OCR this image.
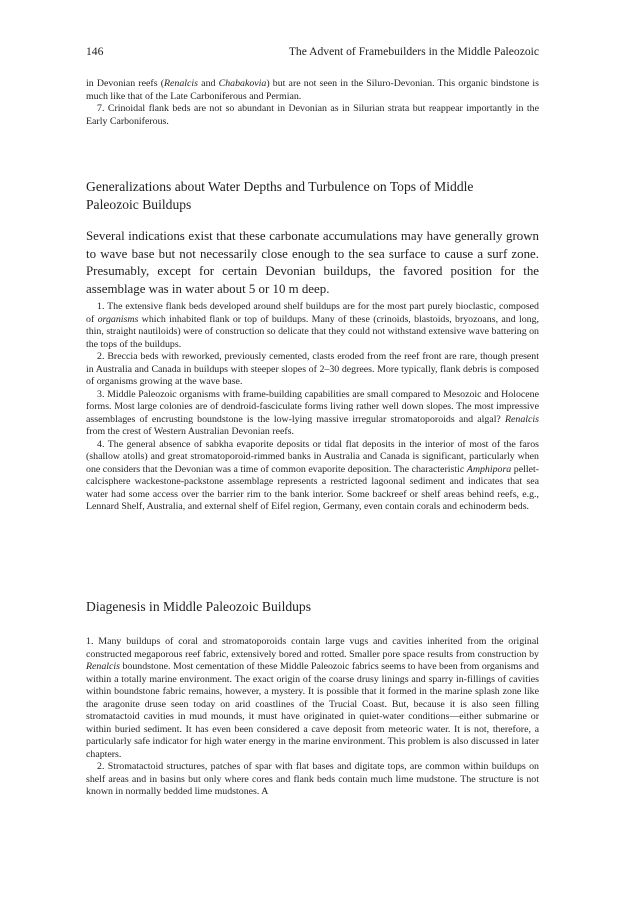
146	The Advent of Framebuilders in the Middle Paleozoic

in Devonian reefs (Renalcis and Chabakovia) but are not seen in the Siluro-Devonian. This organic bindstone is much like that of the Late Carboniferous and Permian.

7. Crinoidal flank beds are not so abundant in Devonian as in Silurian strata but reappear importantly in the Early Carboniferous.

Generalizations about Water Depths and Turbulence on Tops of Middle Paleozoic Buildups

Several indications exist that these carbonate accumulations may have generally grown to wave base but not necessarily close enough to the sea surface to cause a surf zone. Presumably, except for certain Devonian buildups, the favored position for the assemblage was in water about 5 or 10 m deep.

1. The extensive flank beds developed around shelf buildups are for the most part purely bioclastic, composed of organisms which inhabited flank or top of buildups. Many of these (crinoids, blastoids, bryozoans, and long, thin, straight nautiloids) were of construction so delicate that they could not withstand extensive wave battering on the tops of the buildups.

2. Breccia beds with reworked, previously cemented, clasts eroded from the reef front are rare, though present in Australia and Canada in buildups with steeper slopes of 2–30 degrees. More typically, flank debris is composed of organisms growing at the wave base.

3. Middle Paleozoic organisms with frame-building capabilities are small compared to Mesozoic and Holocene forms. Most large colonies are of dendroid-fasciculate forms living rather well down slopes. The most impressive assemblages of encrusting boundstone is the low-lying massive irregular stromatoporoids and algal? Renalcis from the crest of Western Australian Devonian reefs.

4. The general absence of sabkha evaporite deposits or tidal flat deposits in the interior of most of the faros (shallow atolls) and great stromatoporoid-rimmed banks in Australia and Canada is significant, particularly when one considers that the Devonian was a time of common evaporite deposition. The characteristic Amphipora pellet-calcisphere wackestone-packstone assemblage represents a restricted lagoonal sediment and indicates that sea water had some access over the barrier rim to the bank interior. Some backreef or shelf areas behind reefs, e.g., Lennard Shelf, Australia, and external shelf of Eifel region, Germany, even contain corals and echinoderm beds.

Diagenesis in Middle Paleozoic Buildups

1. Many buildups of coral and stromatoporoids contain large vugs and cavities inherited from the original constructed megaporous reef fabric, extensively bored and rotted. Smaller pore space results from construction by Renalcis boundstone. Most cementation of these Middle Paleozoic fabrics seems to have been from organisms and within a totally marine environment. The exact origin of the coarse drusy linings and sparry in-fillings of cavities within boundstone fabric remains, however, a mystery. It is possible that it formed in the marine splash zone like the aragonite druse seen today on arid coastlines of the Trucial Coast. But, because it is also seen filling stromatactoid cavities in mud mounds, it must have originated in quiet-water conditions—either submarine or within buried sediment. It has even been considered a cave deposit from meteoric water. It is not, therefore, a particularly safe indicator for high water energy in the marine environment. This problem is also discussed in later chapters.

2. Stromatactoid structures, patches of spar with flat bases and digitate tops, are common within buildups on shelf areas and in basins but only where cores and flank beds contain much lime mudstone. The structure is not known in normally bedded lime mudstones. A
